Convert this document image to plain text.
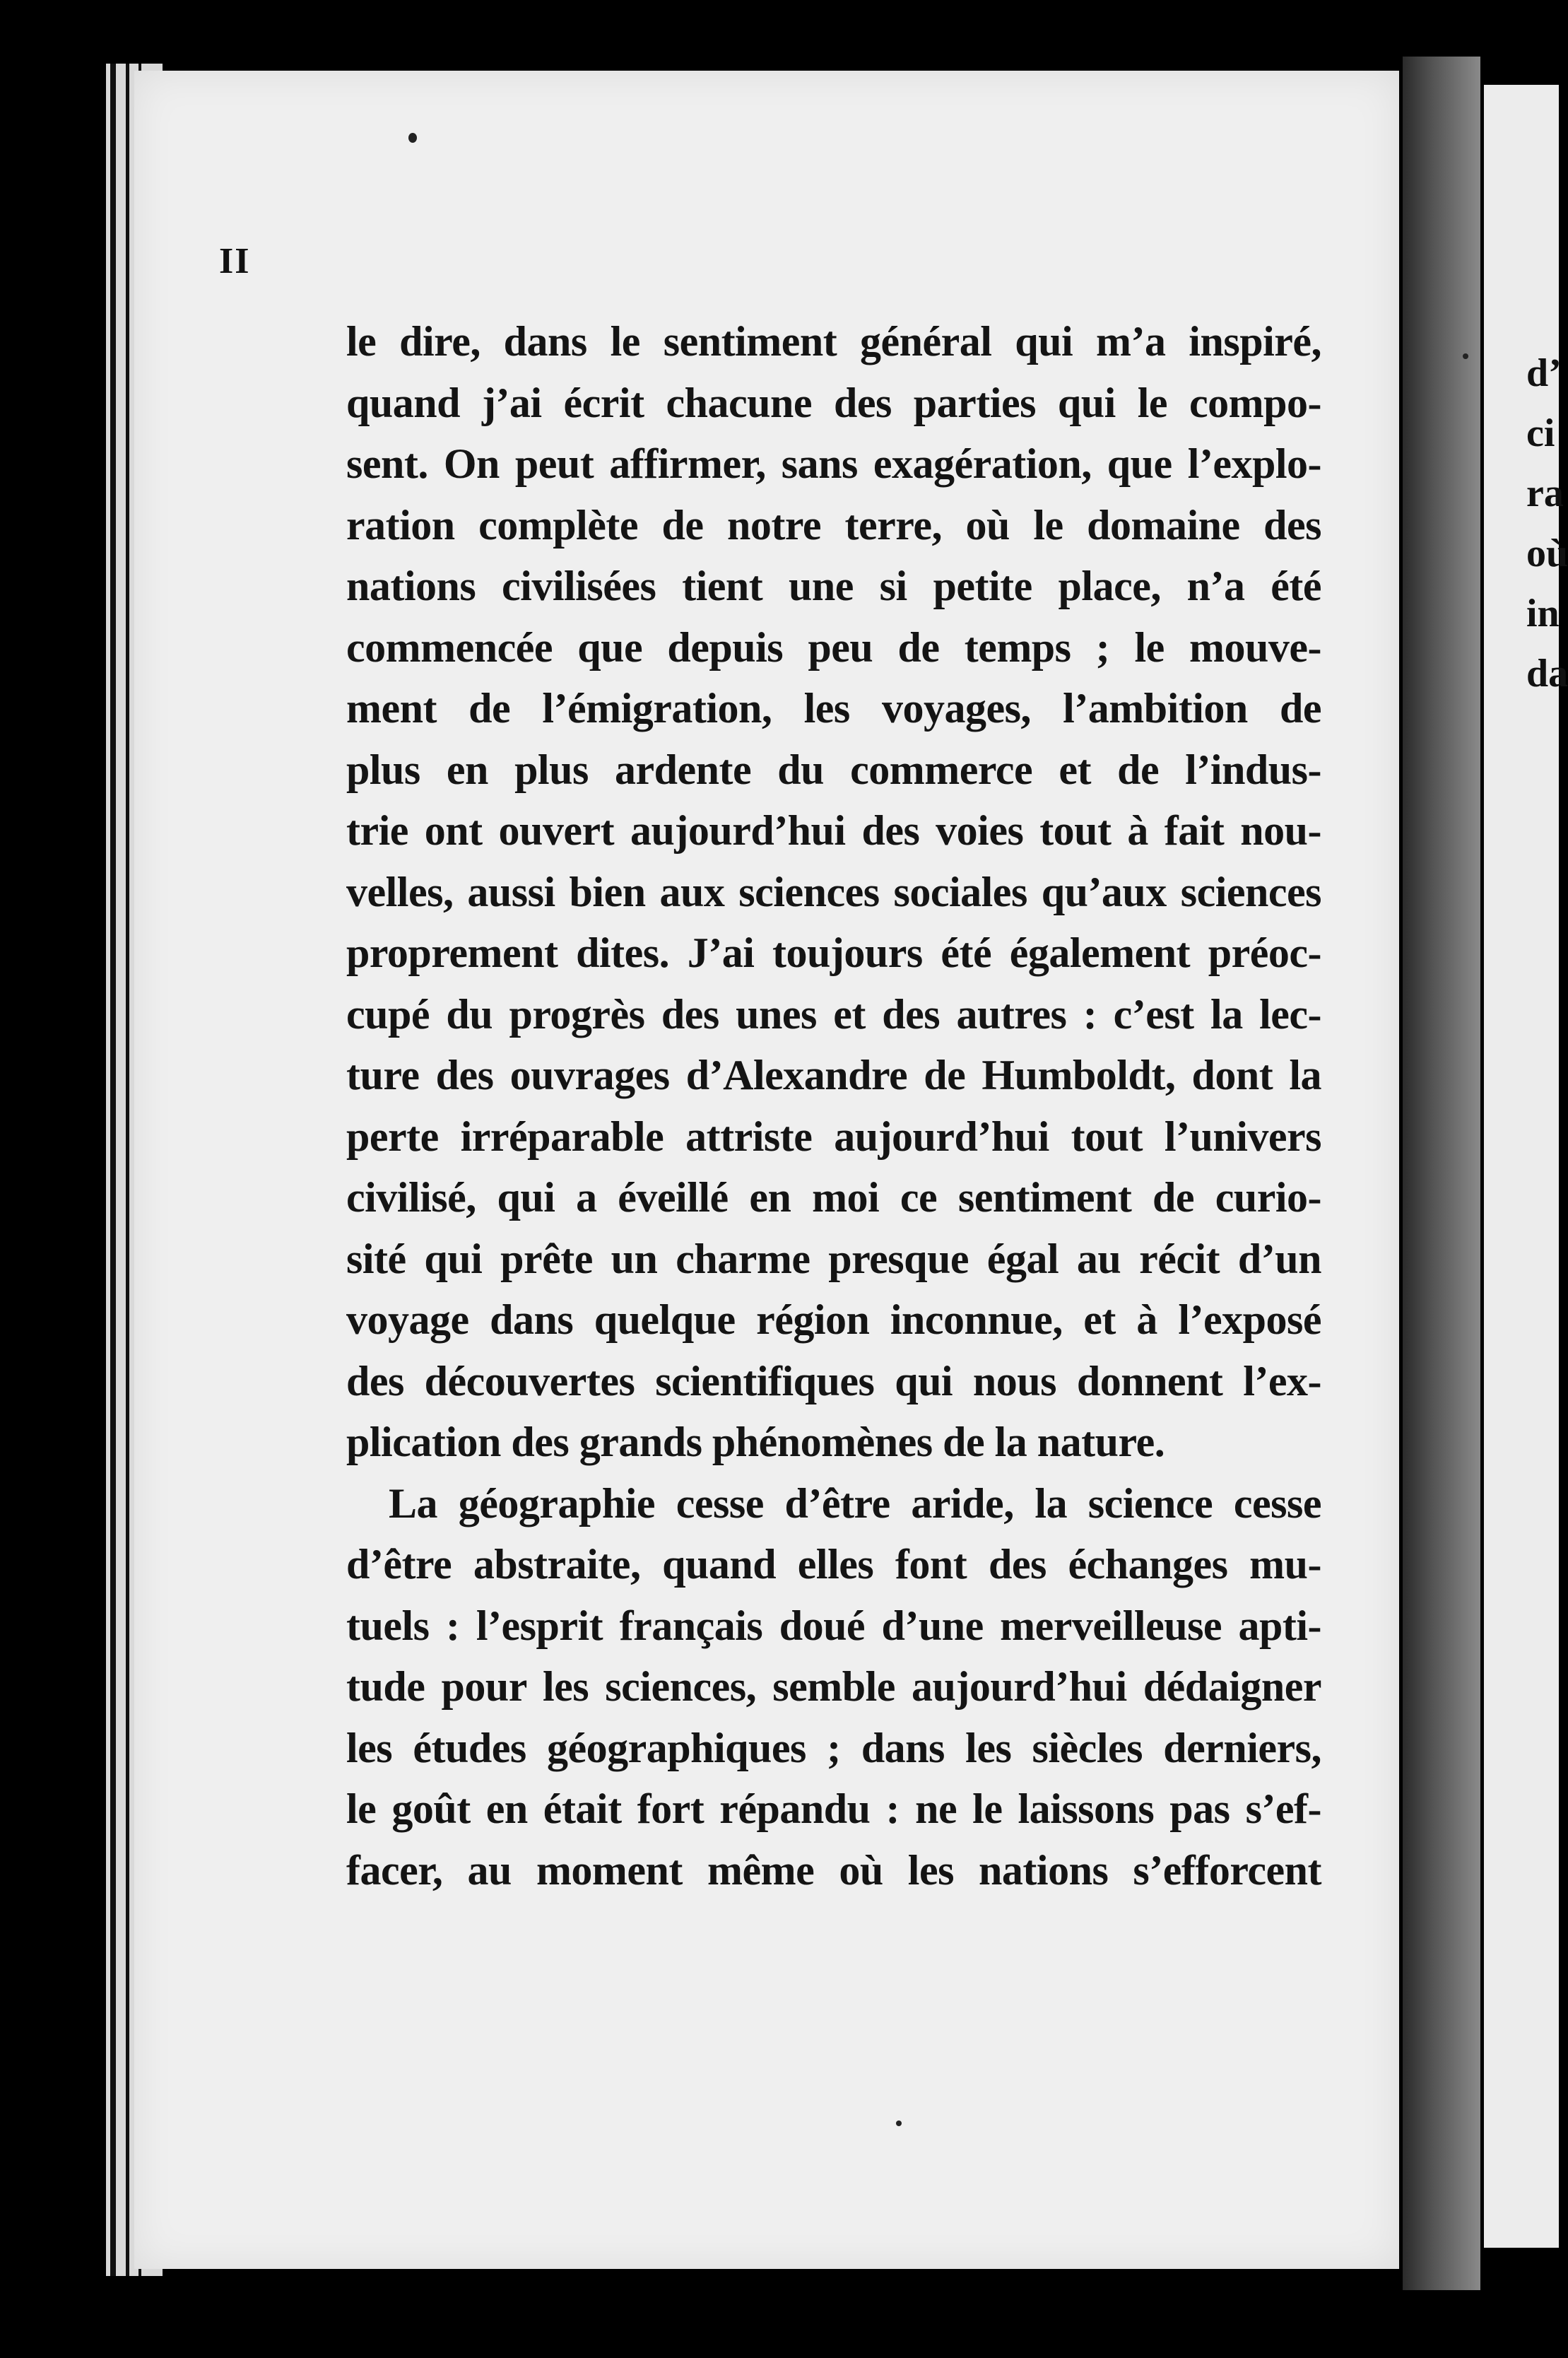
d’
ci
ra
où
in
da
II
le dire, dans le sentiment général qui m’a inspiré,
quand j’ai écrit chacune des parties qui le compo-
sent. On peut affirmer, sans exagération, que l’explo-
ration complète de notre terre, où le domaine des
nations civilisées tient une si petite place, n’a été
commencée que depuis peu de temps ; le mouve-
ment de l’émigration, les voyages, l’ambition de
plus en plus ardente du commerce et de l’indus-
trie ont ouvert aujourd’hui des voies tout à fait nou-
velles, aussi bien aux sciences sociales qu’aux sciences
proprement dites. J’ai toujours été également préoc-
cupé du progrès des unes et des autres : c’est la lec-
ture des ouvrages d’Alexandre de Humboldt, dont la
perte irréparable attriste aujourd’hui tout l’univers
civilisé, qui a éveillé en moi ce sentiment de curio-
sité qui prête un charme presque égal au récit d’un
voyage dans quelque région inconnue, et à l’exposé
des découvertes scientifiques qui nous donnent l’ex-
plication des grands phénomènes de la nature.
La géographie cesse d’être aride, la science cesse
d’être abstraite, quand elles font des échanges mu-
tuels : l’esprit français doué d’une merveilleuse apti-
tude pour les sciences, semble aujourd’hui dédaigner
les études géographiques ; dans les siècles derniers,
le goût en était fort répandu : ne le laissons pas s’ef-
facer, au moment même où les nations s’efforcent
